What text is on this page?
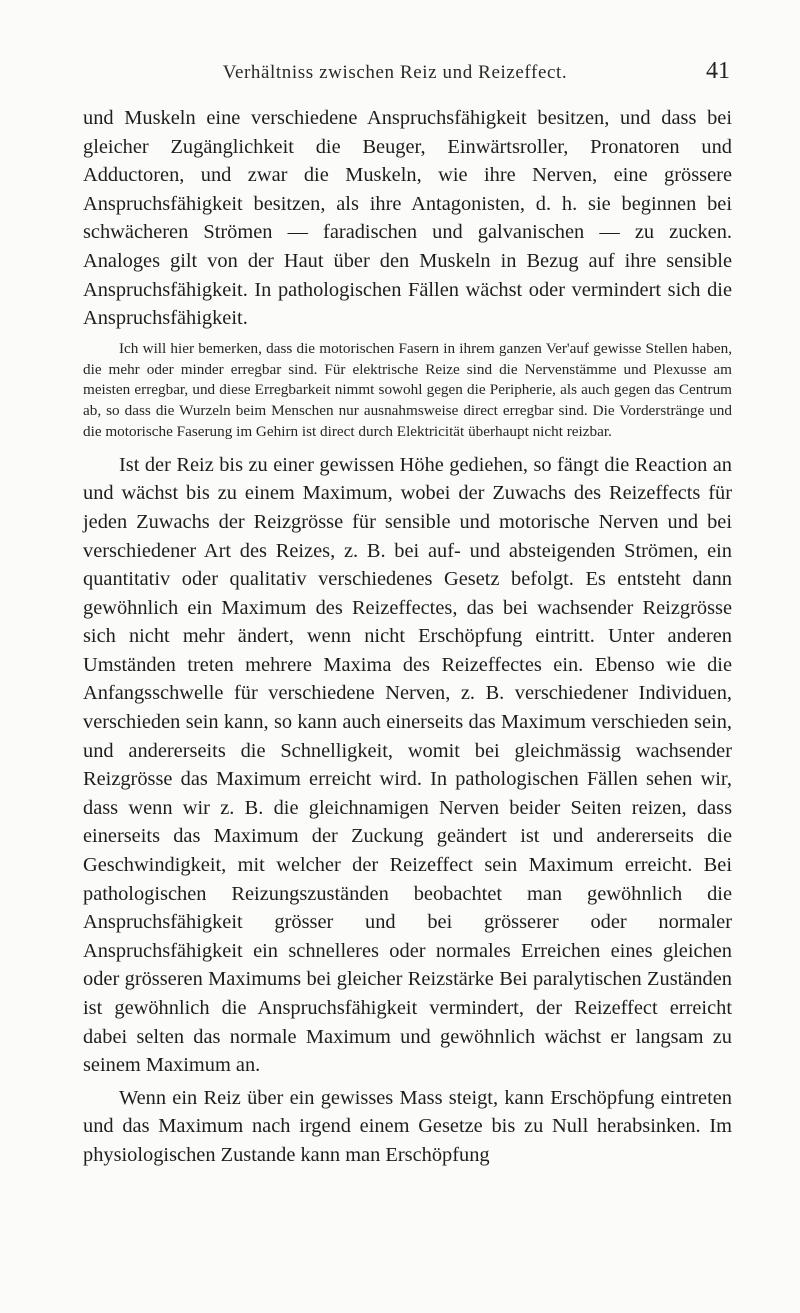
Verhältniss zwischen Reiz und Reizeffect.	41

und Muskeln eine verschiedene Anspruchsfähigkeit besitzen, und dass bei gleicher Zugänglichkeit die Beuger, Einwärtsroller, Pronatoren und Adductoren, und zwar die Muskeln, wie ihre Nerven, eine grössere Anspruchsfähigkeit besitzen, als ihre Antagonisten, d. h. sie beginnen bei schwächeren Strömen — faradischen und galvanischen — zu zucken. Analoges gilt von der Haut über den Muskeln in Bezug auf ihre sensible Anspruchsfähigkeit. In pathologischen Fällen wächst oder vermindert sich die Anspruchsfähigkeit.

Ich will hier bemerken, dass die motorischen Fasern in ihrem ganzen Ver'auf gewisse Stellen haben, die mehr oder minder erregbar sind. Für elektrische Reize sind die Nervenstämme und Plexusse am meisten erregbar, und diese Erregbarkeit nimmt sowohl gegen die Peripherie, als auch gegen das Centrum ab, so dass die Wurzeln beim Menschen nur ausnahmsweise direct erregbar sind. Die Vorderstränge und die motorische Faserung im Gehirn ist direct durch Elektricität überhaupt nicht reizbar.

Ist der Reiz bis zu einer gewissen Höhe gediehen, so fängt die Reaction an und wächst bis zu einem Maximum, wobei der Zuwachs des Reizeffects für jeden Zuwachs der Reizgrösse für sensible und motorische Nerven und bei verschiedener Art des Reizes, z. B. bei auf- und absteigenden Strömen, ein quantitativ oder qualitativ verschiedenes Gesetz befolgt. Es entsteht dann gewöhnlich ein Maximum des Reizeffectes, das bei wachsender Reizgrösse sich nicht mehr ändert, wenn nicht Erschöpfung eintritt. Unter anderen Umständen treten mehrere Maxima des Reizeffectes ein. Ebenso wie die Anfangsschwelle für verschiedene Nerven, z. B. verschiedener Individuen, verschieden sein kann, so kann auch einerseits das Maximum verschieden sein, und andererseits die Schnelligkeit, womit bei gleichmässig wachsender Reizgrösse das Maximum erreicht wird. In pathologischen Fällen sehen wir, dass wenn wir z. B. die gleichnamigen Nerven beider Seiten reizen, dass einerseits das Maximum der Zuckung geändert ist und andererseits die Geschwindigkeit, mit welcher der Reizeffect sein Maximum erreicht. Bei pathologischen Reizungszuständen beobachtet man gewöhnlich die Anspruchsfähigkeit grösser und bei grösserer oder normaler Anspruchsfähigkeit ein schnelleres oder normales Erreichen eines gleichen oder grösseren Maximums bei gleicher Reizstärke Bei paralytischen Zuständen ist gewöhnlich die Anspruchsfähigkeit vermindert, der Reizeffect erreicht dabei selten das normale Maximum und gewöhnlich wächst er langsam zu seinem Maximum an.

Wenn ein Reiz über ein gewisses Mass steigt, kann Erschöpfung eintreten und das Maximum nach irgend einem Gesetze bis zu Null herabsinken. Im physiologischen Zustande kann man Erschöpfung
